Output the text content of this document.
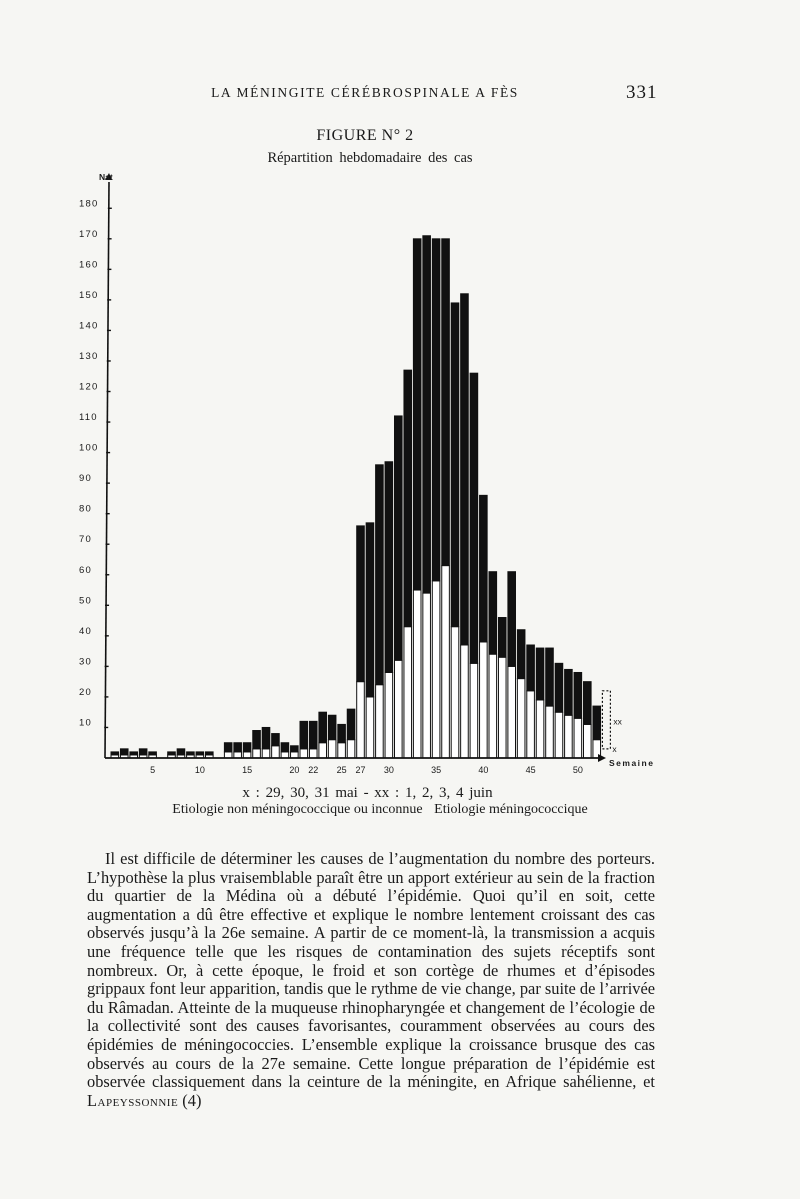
LA MÉNINGITE CÉRÉBROSPINALE A FÈS	331
FIGURE N° 2
Répartition hebdomadaire des cas
10
20
30
40
50
60
70
80
90
100
110
120
130
140
150
160
170
180
5	10	15	20 22 25 27 30	35	40	45	50
Nat
Semaine
x
xx
x : 29, 30, 31 mai - xx : 1, 2, 3, 4 juin
Etiologie non méningococcique ou inconnue Etiologie méningococcique

Il est difficile de déterminer les causes de l’augmentation du nombre des porteurs. L’hypothèse la plus vraisemblable paraît être un apport extérieur au sein de la fraction du quartier de la Médina où a débuté l’épidémie. Quoi qu’il en soit, cette augmentation a dû être effective et explique le nombre lentement croissant des cas observés jusqu’à la 26e semaine. A partir de ce moment-là, la transmission a acquis une fréquence telle que les risques de contamination des sujets réceptifs sont nombreux. Or, à cette époque, le froid et son cortège de rhumes et d’épisodes grippaux font leur apparition, tandis que le rythme de vie change, par suite de l’arrivée du Râmadan. Atteinte de la muqueuse rhinopharyngée et changement de l’écologie de la collectivité sont des causes favorisantes, couramment observées au cours des épidémies de méningococcies. L’ensemble explique la croissance brusque des cas observés au cours de la 27e semaine. Cette longue préparation de l’épidémie est observée classiquement dans la ceinture de la méningite, en Afrique sahélienne, et Lapeyssonnie (4)
